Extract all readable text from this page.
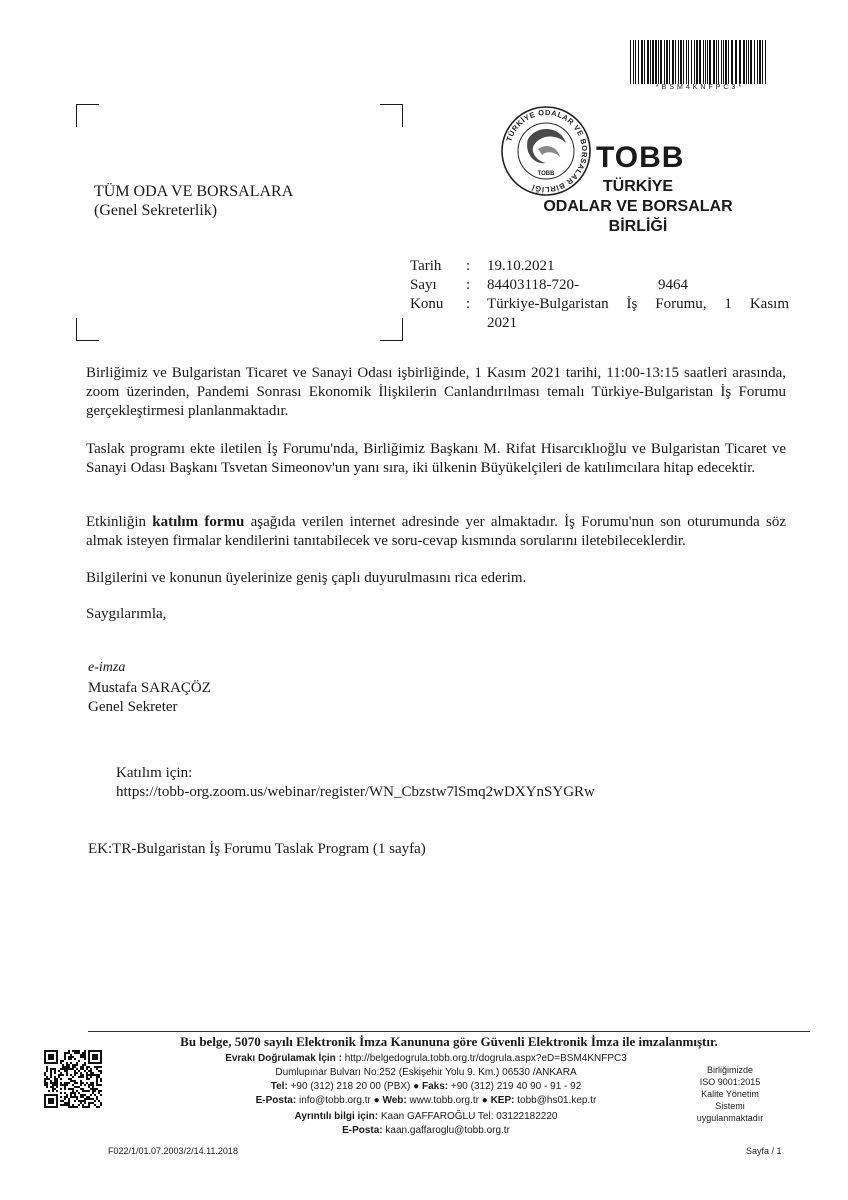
*BSM4KNFPC3*
TÜRKİYE ODALAR VE BORSALAR BİRLİĞİ
TOBB TOBB
TÜRKİYE
ODALAR VE BORSALAR
BİRLİĞİ
TÜM ODA VE BORSALARA
(Genel Sekreterlik)
Tarih : 19.10.2021
Sayı : 84403118-720-	9464
Konu : Türkiye-Bulgaristan İş Forumu, 1 Kasım
2021
Birliğimiz ve Bulgaristan Ticaret ve Sanayi Odası işbirliğinde, 1 Kasım 2021 tarihi, 11:00-13:15 saatleri arasında, zoom üzerinden, Pandemi Sonrası Ekonomik İlişkilerin Canlandırılması temalı Türkiye-Bulgaristan İş Forumu gerçekleştirmesi planlanmaktadır.
Taslak programı ekte iletilen İş Forumu'nda, Birliğimiz Başkanı M. Rifat Hisarcıklıoğlu ve Bulgaristan Ticaret ve Sanayi Odası Başkanı Tsvetan Simeonov'un yanı sıra, iki ülkenin Büyükelçileri de katılımcılara hitap edecektir.
Etkinliğin katılım formu aşağıda verilen internet adresinde yer almaktadır. İş Forumu'nun son oturumunda söz almak isteyen firmalar kendilerini tanıtabilecek ve soru-cevap kısmında sorularını iletebileceklerdir.
Bilgilerini ve konunun üyelerinize geniş çaplı duyurulmasını rica ederim.
Saygılarımla,
e-imza
Mustafa SARAÇÖZ
Genel Sekreter
Katılım için:
https://tobb-org.zoom.us/webinar/register/WN_Cbzstw7lSmq2wDXYnSYGRw
EK:TR-Bulgaristan İş Forumu Taslak Program (1 sayfa)
Bu belge, 5070 sayılı Elektronik İmza Kanununa göre Güvenli Elektronik İmza ile imzalanmıştır.
Evrakı Doğrulamak İçin : http://belgedogrula.tobb.org.tr/dogrula.aspx?eD=BSM4KNFPC3
Dumlupınar Bulvarı No:252 (Eskişehir Yolu 9. Km.) 06530 /ANKARA
Tel: +90 (312) 218 20 00 (PBX) ● Faks: +90 (312) 219 40 90 - 91 - 92
E-Posta: info@tobb.org.tr ● Web: www.tobb.org.tr ● KEP: tobb@hs01.kep.tr
Ayrıntılı bilgi için: Kaan GAFFAROĞLU Tel: 03122182220
E-Posta: kaan.gaffaroglu@tobb.org.tr
Birliğimizde
ISO 9001:2015
Kalite Yönetim
Sistemi
uygulanmaktadır
F022/1/01.07.2003/2/14.11.2018	Sayfa / 1
